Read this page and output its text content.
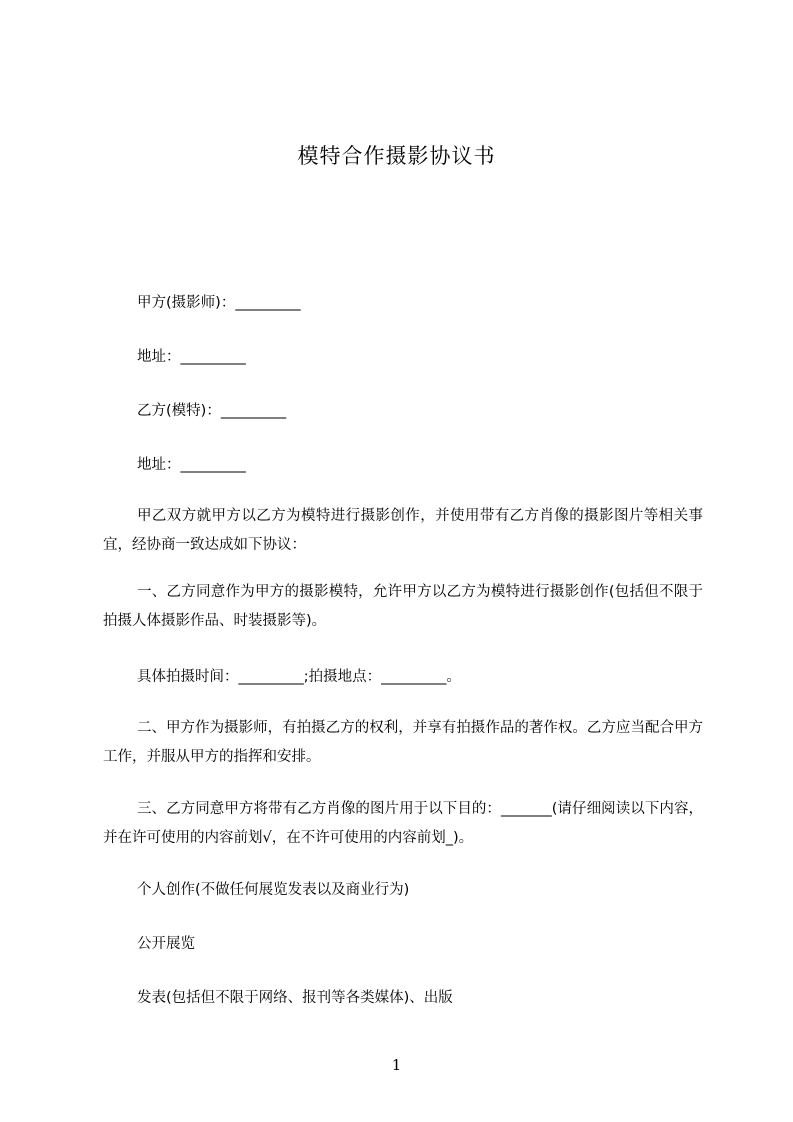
模特合作摄影协议书
甲方(摄影师)：_________
地址：_________
乙方(模特)：_________
地址：_________
甲乙双方就甲方以乙方为模特进行摄影创作，并使用带有乙方肖像的摄影图片等相关事宜，经协商一致达成如下协议：
一、乙方同意作为甲方的摄影模特，允许甲方以乙方为模特进行摄影创作(包括但不限于拍摄人体摄影作品、时装摄影等)。
具体拍摄时间：_________;拍摄地点：_________。
二、甲方作为摄影师，有拍摄乙方的权利，并享有拍摄作品的著作权。乙方应当配合甲方工作，并服从甲方的指挥和安排。
三、乙方同意甲方将带有乙方肖像的图片用于以下目的：_______(请仔细阅读以下内容，并在许可使用的内容前划√，在不许可使用的内容前划_)。
个人创作(不做任何展览发表以及商业行为)
公开展览
发表(包括但不限于网络、报刊等各类媒体)、出版
1
